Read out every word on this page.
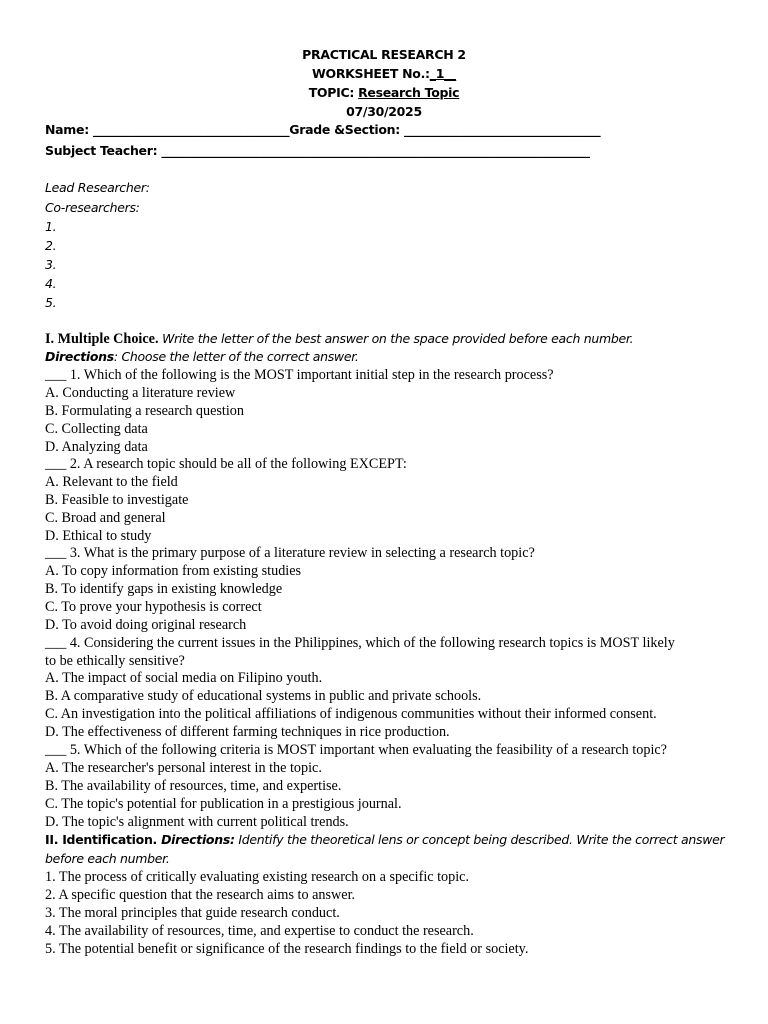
PRACTICAL RESEARCH 2
WORKSHEET No.:_1__
TOPIC: Research Topic
07/30/2025
Name: _________________________________Grade &Section: _________________________________
Subject Teacher: ________________________________________________________________________
Lead Researcher:
Co-researchers:
1.
2.
3.
4.
5.
I. Multiple Choice. Write the letter of the best answer on the space provided before each number.
Directions: Choose the letter of the correct answer.
___ 1. Which of the following is the MOST important initial step in the research process?
A. Conducting a literature review
B. Formulating a research question
C. Collecting data
D. Analyzing data
___ 2. A research topic should be all of the following EXCEPT:
A. Relevant to the field
B. Feasible to investigate
C. Broad and general
D. Ethical to study
___ 3. What is the primary purpose of a literature review in selecting a research topic?
A. To copy information from existing studies
B. To identify gaps in existing knowledge
C. To prove your hypothesis is correct
D. To avoid doing original research
___ 4. Considering the current issues in the Philippines, which of the following research topics is MOST likely
to be ethically sensitive?
A. The impact of social media on Filipino youth.
B. A comparative study of educational systems in public and private schools.
C. An investigation into the political affiliations of indigenous communities without their informed consent.
D. The effectiveness of different farming techniques in rice production.
___ 5. Which of the following criteria is MOST important when evaluating the feasibility of a research topic?
A. The researcher's personal interest in the topic.
B. The availability of resources, time, and expertise.
C. The topic's potential for publication in a prestigious journal.
D. The topic's alignment with current political trends.
II. Identification. Directions: Identify the theoretical lens or concept being described. Write the correct answer
before each number.
1. The process of critically evaluating existing research on a specific topic.
2. A specific question that the research aims to answer.
3. The moral principles that guide research conduct.
4. The availability of resources, time, and expertise to conduct the research.
5. The potential benefit or significance of the research findings to the field or society.
